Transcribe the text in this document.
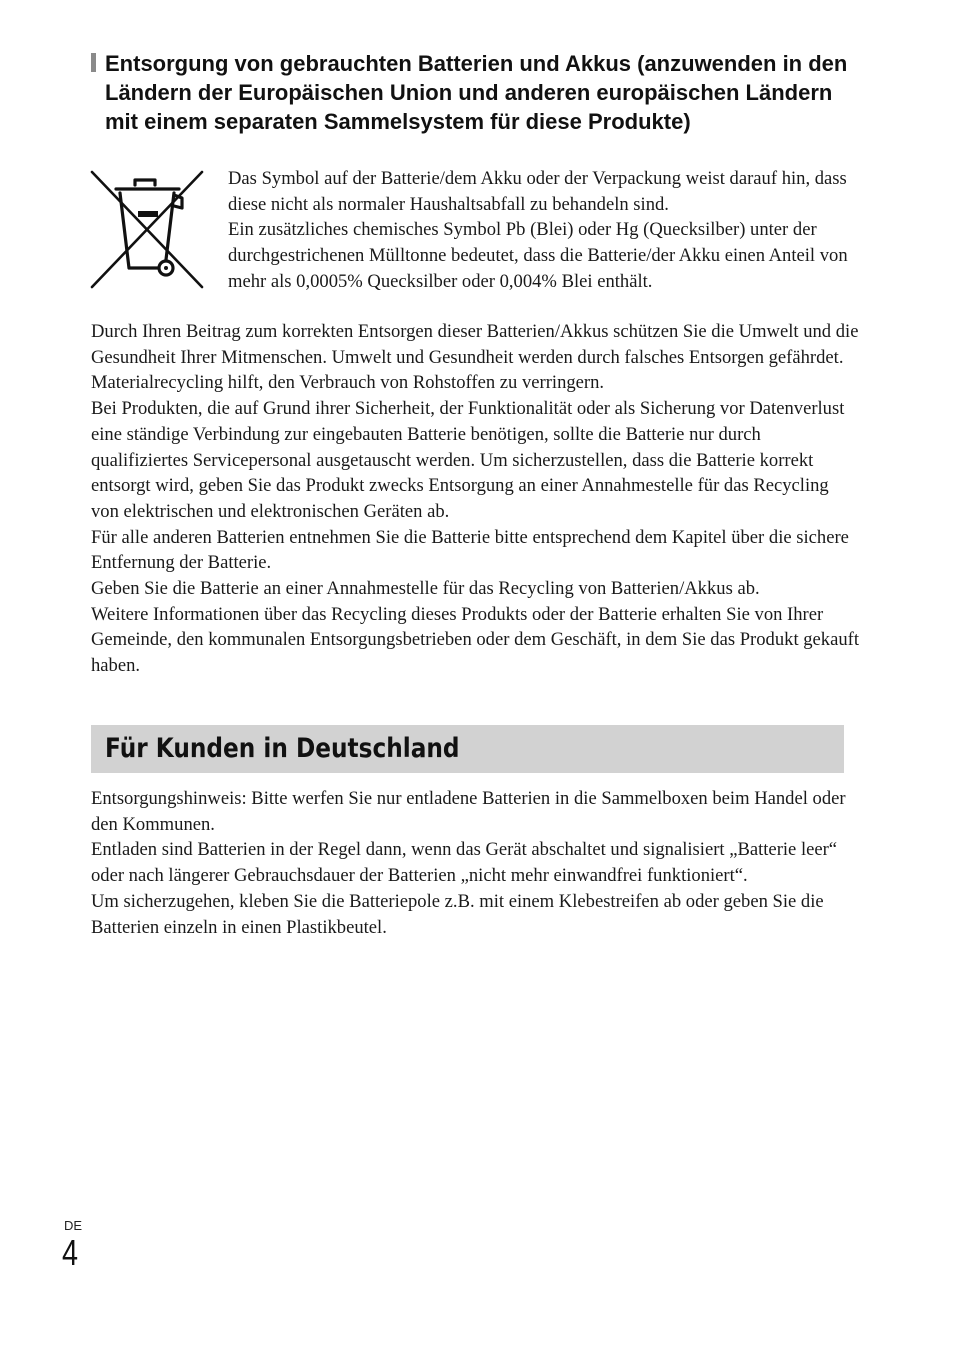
Entsorgung von gebrauchten Batterien und Akkus (anzuwenden in den Ländern der Europäischen Union und anderen europäischen Ländern mit einem separaten Sammelsystem für diese Produkte)

Das Symbol auf der Batterie/dem Akku oder der Verpackung weist darauf hin, dass diese nicht als normaler Haushaltsabfall zu behandeln sind.

Ein zusätzliches chemisches Symbol Pb (Blei) oder Hg (Quecksilber) unter der durchgestrichenen Mülltonne bedeutet, dass die Batterie/der Akku einen Anteil von mehr als 0,0005% Quecksilber oder 0,004% Blei enthält.

Durch Ihren Beitrag zum korrekten Entsorgen dieser Batterien/Akkus schützen Sie die Umwelt und die Gesundheit Ihrer Mitmenschen. Umwelt und Gesundheit werden durch falsches Entsorgen gefährdet. Materialrecycling hilft, den Verbrauch von Rohstoffen zu verringern.

Bei Produkten, die auf Grund ihrer Sicherheit, der Funktionalität oder als Sicherung vor Datenverlust eine ständige Verbindung zur eingebauten Batterie benötigen, sollte die Batterie nur durch qualifiziertes Servicepersonal ausgetauscht werden. Um sicherzustellen, dass die Batterie korrekt entsorgt wird, geben Sie das Produkt zwecks Entsorgung an einer Annahmestelle für das Recycling von elektrischen und elektronischen Geräten ab.

Für alle anderen Batterien entnehmen Sie die Batterie bitte entsprechend dem Kapitel über die sichere Entfernung der Batterie.

Geben Sie die Batterie an einer Annahmestelle für das Recycling von Batterien/Akkus ab.

Weitere Informationen über das Recycling dieses Produkts oder der Batterie erhalten Sie von Ihrer Gemeinde, den kommunalen Entsorgungsbetrieben oder dem Geschäft, in dem Sie das Produkt gekauft haben.

Für Kunden in Deutschland

Entsorgungshinweis: Bitte werfen Sie nur entladene Batterien in die Sammelboxen beim Handel oder den Kommunen.

Entladen sind Batterien in der Regel dann, wenn das Gerät abschaltet und signalisiert „Batterie leer“ oder nach längerer Gebrauchsdauer der Batterien „nicht mehr einwandfrei funktioniert“.

Um sicherzugehen, kleben Sie die Batteriepole z.B. mit einem Klebestreifen ab oder geben Sie die Batterien einzeln in einen Plastikbeutel.

DE
4
